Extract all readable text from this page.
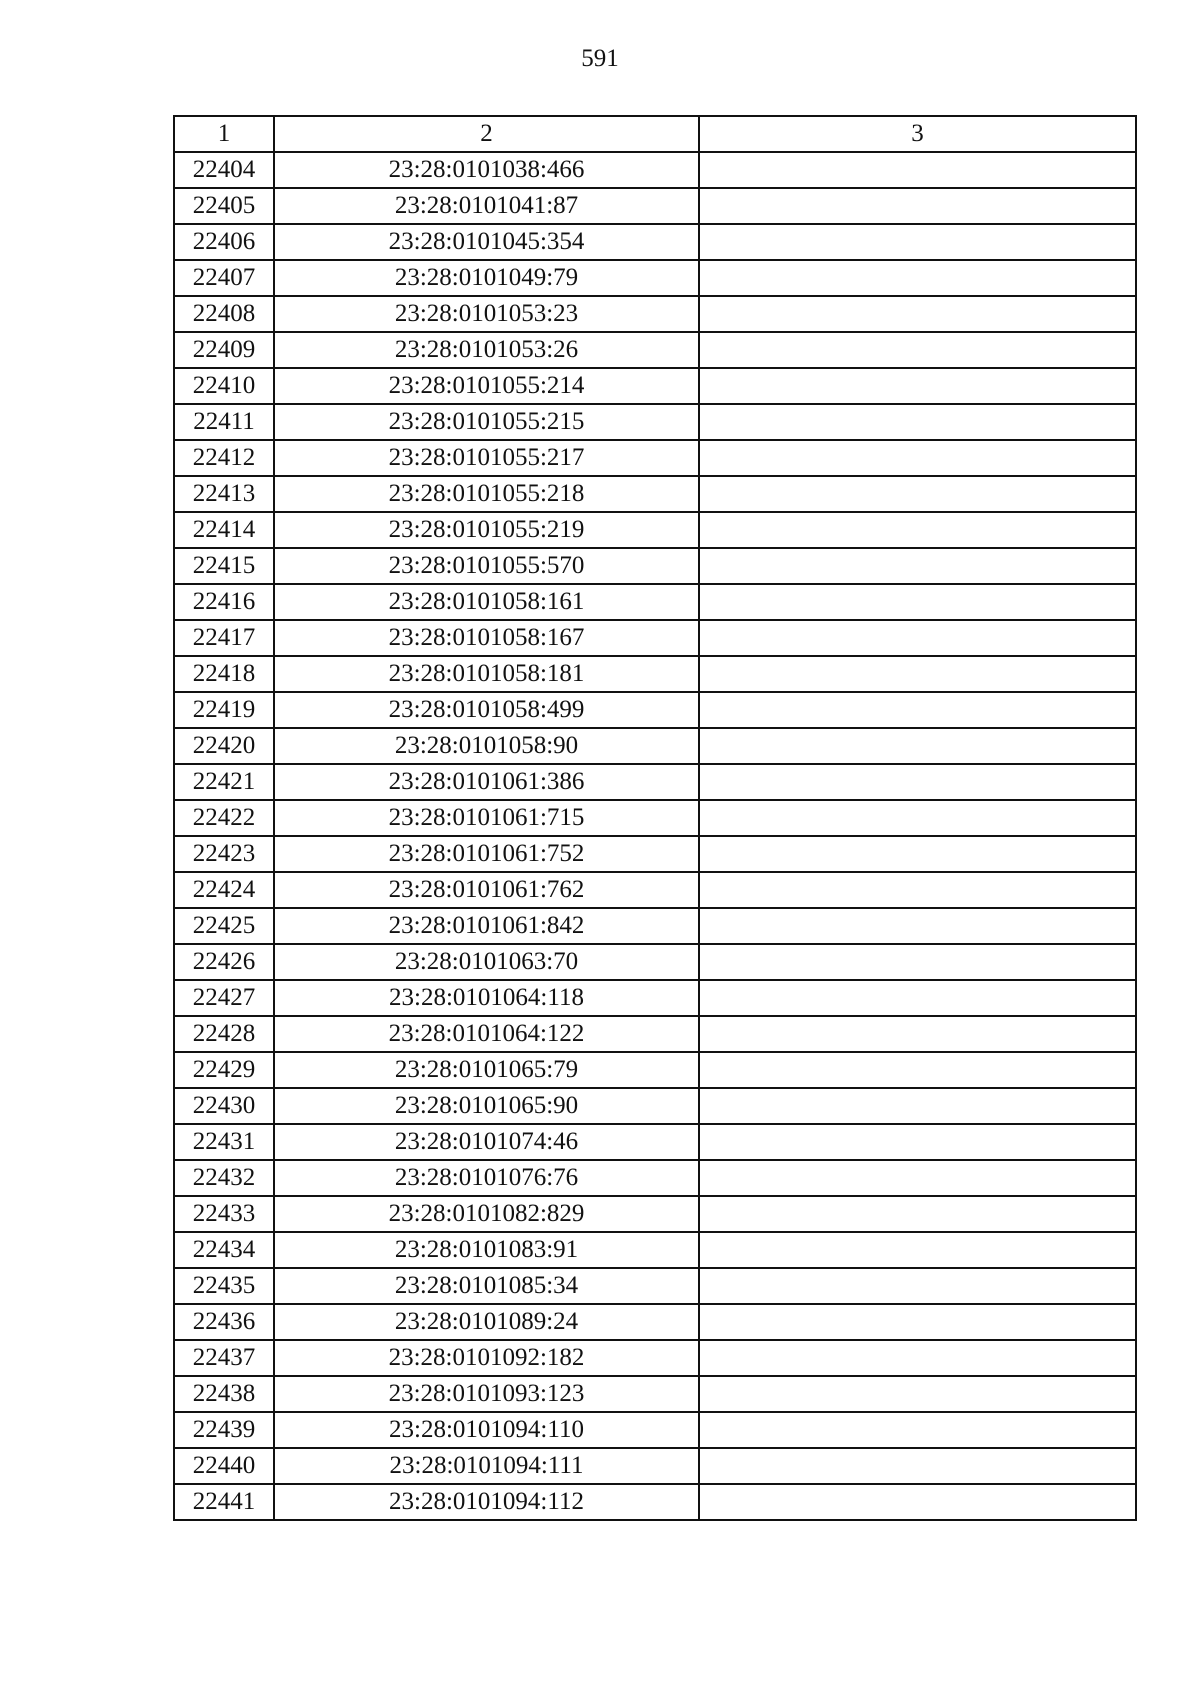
591
1	2	3
22404	23:28:0101038:466	
22405	23:28:0101041:87	
22406	23:28:0101045:354	
22407	23:28:0101049:79	
22408	23:28:0101053:23	
22409	23:28:0101053:26	
22410	23:28:0101055:214	
22411	23:28:0101055:215	
22412	23:28:0101055:217	
22413	23:28:0101055:218	
22414	23:28:0101055:219	
22415	23:28:0101055:570	
22416	23:28:0101058:161	
22417	23:28:0101058:167	
22418	23:28:0101058:181	
22419	23:28:0101058:499	
22420	23:28:0101058:90	
22421	23:28:0101061:386	
22422	23:28:0101061:715	
22423	23:28:0101061:752	
22424	23:28:0101061:762	
22425	23:28:0101061:842	
22426	23:28:0101063:70	
22427	23:28:0101064:118	
22428	23:28:0101064:122	
22429	23:28:0101065:79	
22430	23:28:0101065:90	
22431	23:28:0101074:46	
22432	23:28:0101076:76	
22433	23:28:0101082:829	
22434	23:28:0101083:91	
22435	23:28:0101085:34	
22436	23:28:0101089:24	
22437	23:28:0101092:182	
22438	23:28:0101093:123	
22439	23:28:0101094:110	
22440	23:28:0101094:111	
22441	23:28:0101094:112	
